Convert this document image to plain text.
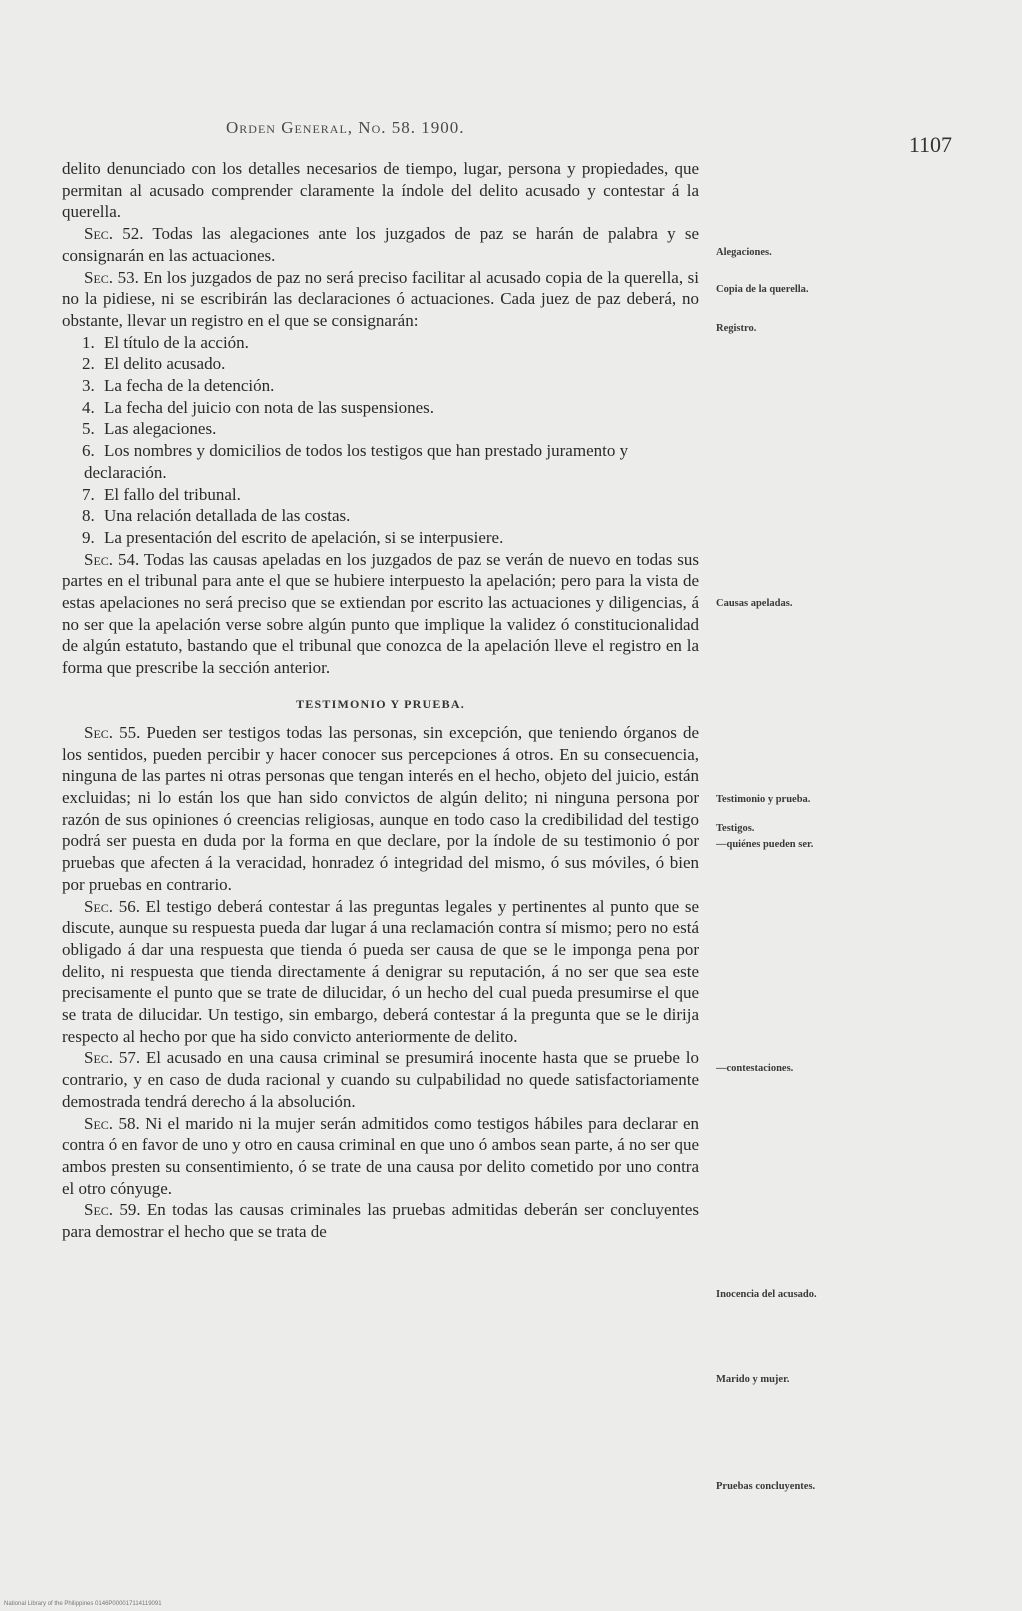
Orden General, No. 58. 1900.
1107

delito denunciado con los detalles necesarios de tiempo, lugar, persona y propiedades, que permitan al acusado comprender claramente la índole del delito acusado y contestar á la querella.

Sec. 52. Todas las alegaciones ante los juzgados de paz se harán de palabra y se consignarán en las actuaciones.

Sec. 53. En los juzgados de paz no será preciso facilitar al acusado copia de la querella, si no la pidiese, ni se escribirán las declaraciones ó actuaciones. Cada juez de paz deberá, no obstante, llevar un registro en el que se consignarán:

1. El título de la acción.
2. El delito acusado.
3. La fecha de la detención.
4. La fecha del juicio con nota de las suspensiones.
5. Las alegaciones.
6. Los nombres y domicilios de todos los testigos que han prestado juramento y declaración.
7. El fallo del tribunal.
8. Una relación detallada de las costas.
9. La presentación del escrito de apelación, si se interpusiere.

Sec. 54. Todas las causas apeladas en los juzgados de paz se verán de nuevo en todas sus partes en el tribunal para ante el que se hubiere interpuesto la apelación; pero para la vista de estas apelaciones no será preciso que se extiendan por escrito las actuaciones y diligencias, á no ser que la apelación verse sobre algún punto que implique la validez ó constitucionalidad de algún estatuto, bastando que el tribunal que conozca de la apelación lleve el registro en la forma que prescribe la sección anterior.

TESTIMONIO Y PRUEBA.

Sec. 55. Pueden ser testigos todas las personas, sin excepción, que teniendo órganos de los sentidos, pueden percibir y hacer conocer sus percepciones á otros. En su consecuencia, ninguna de las partes ni otras personas que tengan interés en el hecho, objeto del juicio, están excluidas; ni lo están los que han sido convictos de algún delito; ni ninguna persona por razón de sus opiniones ó creencias religiosas, aunque en todo caso la credibilidad del testigo podrá ser puesta en duda por la forma en que declare, por la índole de su testimonio ó por pruebas que afecten á la veracidad, honradez ó integridad del mismo, ó sus móviles, ó bien por pruebas en contrario.

Sec. 56. El testigo deberá contestar á las preguntas legales y pertinentes al punto que se discute, aunque su respuesta pueda dar lugar á una reclamación contra sí mismo; pero no está obligado á dar una respuesta que tienda ó pueda ser causa de que se le imponga pena por delito, ni respuesta que tienda directamente á denigrar su reputación, á no ser que sea este precisamente el punto que se trate de dilucidar, ó un hecho del cual pueda presumirse el que se trata de dilucidar. Un testigo, sin embargo, deberá contestar á la pregunta que se le dirija respecto al hecho por que ha sido convicto anteriormente de delito.

Sec. 57. El acusado en una causa criminal se presumirá inocente hasta que se pruebe lo contrario, y en caso de duda racional y cuando su culpabilidad no quede satisfactoriamente demostrada tendrá derecho á la absolución.

Sec. 58. Ni el marido ni la mujer serán admitidos como testigos hábiles para declarar en contra ó en favor de uno y otro en causa criminal en que uno ó ambos sean parte, á no ser que ambos presten su consentimiento, ó se trate de una causa por delito cometido por uno contra el otro cónyuge.

Sec. 59. En todas las causas criminales las pruebas admitidas deberán ser concluyentes para demostrar el hecho que se trata de

Alegaciones.
Copia de la querella.
Registro.
Causas apeladas.
Testimonio y prueba.
Testigos.
—quiénes pueden ser.
—contestaciones.
Inocencia del acusado.
Marido y mujer.
Pruebas concluyentes.
National Library of the Philippines 0146P000017114119091
